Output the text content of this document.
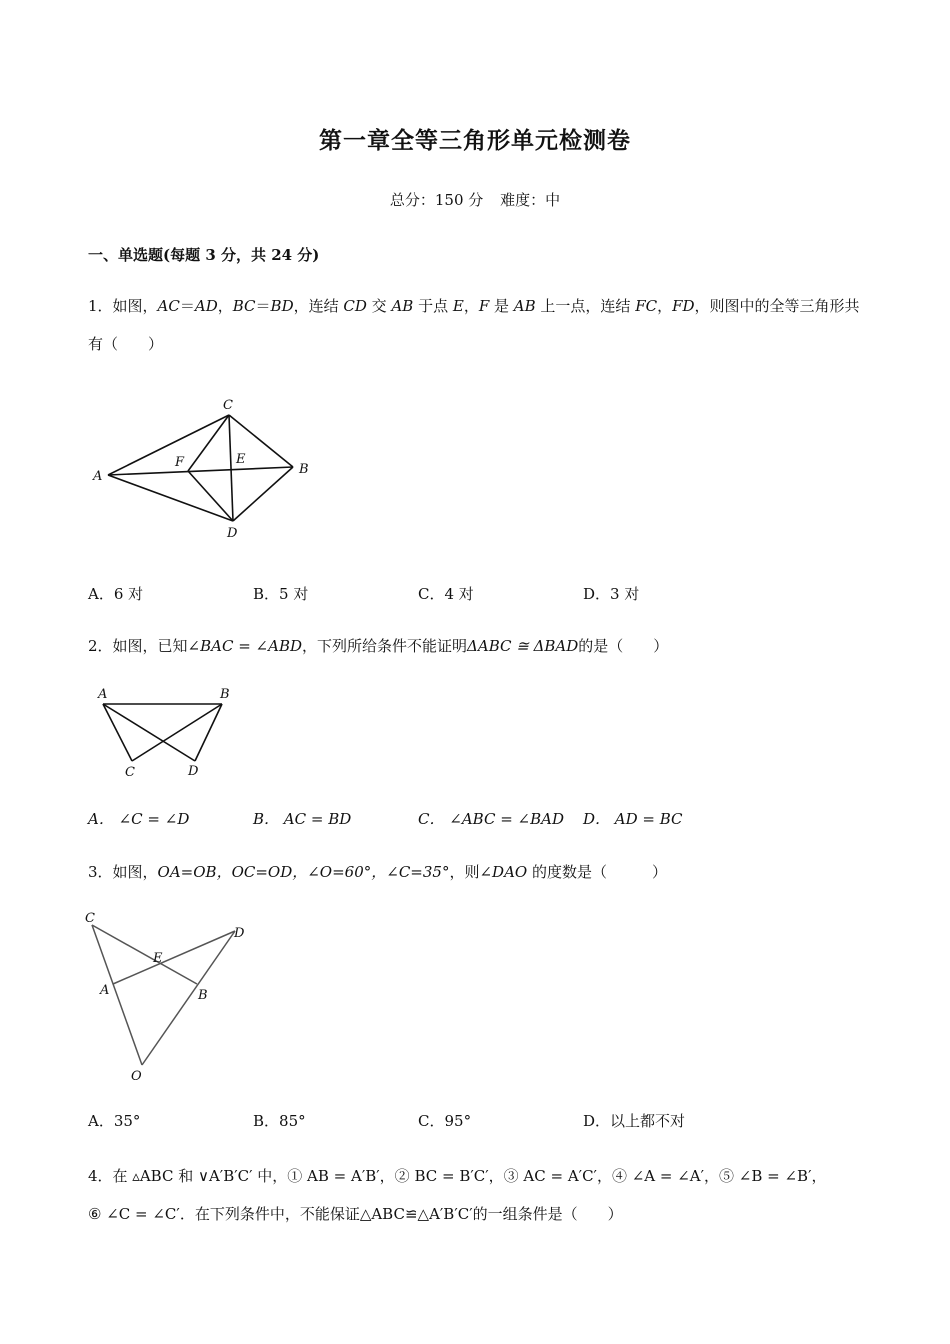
第一章全等三角形单元检测卷
总分：150 分 难度：中
一、单选题(每题 3 分，共 24 分)
1．如图，AC＝AD，BC＝BD，连结 CD 交 AB 于点 E，F 是 AB 上一点，连结 FC，FD，则图中的全等三角形共有（　　）
C
A	B
D
F	E
A．6 对	B．5 对	C．4 对	D．3 对
2．如图，已知∠BAC = ∠ABD，下列所给条件不能证明ΔABC ≅ ΔBAD的是（　　）
A	B
C	D
A． ∠C = ∠D	B． AC = BD	C． ∠ABC = ∠BAD D． AD = BC
3．如图，OA=OB，OC=OD，∠O=60°，∠C=35°，则∠DAO 的度数是（　　　）
C
D
E
A	B
O
A．35°	B．85°	C．95°	D．以上都不对
4．在 ▵ABC 和 ∨A′B′C′ 中，① AB = A′B′，② BC = B′C′，③ AC = A′C′，④ ∠A = ∠A′，⑤ ∠B = ∠B′，
⑥ ∠C = ∠C′．在下列条件中，不能保证△ABC≌△A′B′C′的一组条件是（　　）
